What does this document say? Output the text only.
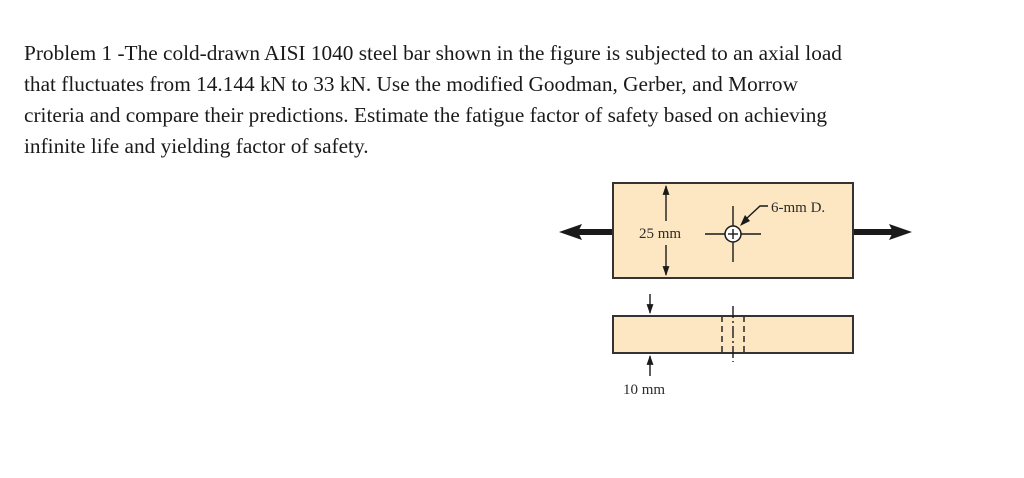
Problem 1 -The cold-drawn AISI 1040 steel bar shown in the figure is subjected to an axial load
that fluctuates from 14.144 kN to 33 kN. Use the modified Goodman, Gerber, and Morrow
criteria and compare their predictions. Estimate the fatigue factor of safety based on achieving
infinite life and yielding factor of safety.
25 mm
6-mm D.
10 mm
